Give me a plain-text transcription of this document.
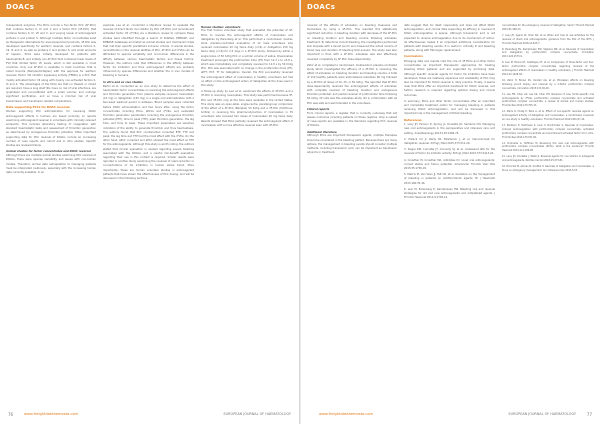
DOACs

X-dependent enzymes. The PCCs include a four-factor PCC (4F-PCC) that contains factors II, IX and X and a factor PCC (4F-PCC) that contains factors II, IX, VII and X, and varying levels of anticoagulant proteins C and protein S. Although multiple factor concentrates exist as therapeutic alternatives for all-purpose blood products, 4F-PCC was developed specifically for warfarin reversal, and contains factors II, VII, IX and X, as well as proteins C and protein S, and small amounts of heparin. PCCs were initially developed for patients with haemophilia B, and initially non-4F-PCC that contained lower levels of FVII that limited factor VII levels, which is still available in most countries. Only one 4F-PCC is available in most countries, that is called Kcentra (Beriplex/Octaplex) with the approval for warfarin reversal. Factor VIII inhibitor bypassing activity (FEIBA) is a PCC that mostly activated factor VII along with mainly non-activated factors II, IX and X. The advantages of the PCCs are that no thawed or mixed are required, have a long shelf life, have no risk of viral infections, are lyophilised and reconstituted with a small volume, and undergo significant purification, and so have a minimal risk of viral transmission and transfusion-related complications.

Data supporting PCCs for DOAC reversal

Studies supporting PCC administration for reversing DOAC anticoagulant effects in humans are based primarily on reports examining anticoagulant reversal in volunteers with clinically relevant endpoints. This includes laboratory testing of coagulation with standard haemostatic tests and assessment of thrombin generation as determined by endogenous thrombin potential. Other important supporting data for PCC reversal of DOACs include an increasing number of case reports and cohort and in vitro studies. Specific studies are reviewed below.

Animal studies for factor concentrates and DOAC reversal

Although there are multiple animal studies examining PCC reversal of DOACs, there were species variability and issues with non-human models. Therefore, animal data extrapolation to managing patients must be interpreted cautiously, especially with the increasing human data currently available. In an

example, Lee et al. conducted a literature review to evaluate the reversal of direct factor Xa inhibitor by PCC (4F-PCC) and recombinant activated factor VII (rFVIIa) via a literature review to compare these studies were identified through a search of PubMed, EMBASE, and EMBASE databases and listed as animal studies and mechanism trials that met their specific predefined inclusion criteria. In animal studies, reconstitution in the reversal abilities of PCC, 4F-PCC and rFVIIa can be attributed to species variability and non-human differences in the affinity between various haemostatic factors and tissue factors. However, the authors note that differences in the affinity between factor Xa inhibitors and their anticoagulant effects are probably influenced by species differences and whether the in vivo models of bleeding in humans.

In vitro and ex vivo studies

Bertin et al. conducted an ex vivo study to determine the effect of haemostatic factor concentrates on reversing the anticoagulant effects and thrombin generation from plasma samples received rivaroxaban (10 mg) or dabigatran (150 mg) in a single oral administration with a two-week washout period in between. Blood samples were collected before DOAC administration and two hours after, using the factor concentrates including PCCs, aPCCs and rFVIIa, and evaluated thrombin generation parameters including the endogenous thrombin potential (ETP), time to peak (TTP), peak thrombin generation, the lag time, and time to peak. These important parameters are sensitive indicators of the ability to generate thrombin and thus haemostasis. The authors found that PCC counteracted corrected ETP, TTP and peak; the lag time and TTP had the most effect with the rFVIIa. On the other hand, aPCC corrected and aPCC showed the most effect on ETP for the anticoagulants. Although this study is worth noting, the authors stated that clinical evaluation is needed regarding severe bleeding associated with the DOACs, and a careful risk-benefit evaluation regarding their use in this context is required. Similar results were reported in another study examining the reversal of rapid reduction in concentrations of Xa inhibitors in human whole blood. More importantly, these are human volunteer studies in anticoagulant patients that have shown the effectiveness of PCC dosing, and will be discussed in the following sections.

Human studies: volunteers

The first human volunteer study that evaluated the potential of 4F-PCCs to reverse the anticoagulant effects of rivaroxaban and dabigatran by Eerenberg et al. This performed a randomised, double-blind, placebo-controlled evaluation of 12 male volunteers who received rivaroxaban 20 mg twice daily (n=6) or dabigatran 150 mg twice daily (n=6) for 2.5 days in a 4F-PCC study, followed by either a single bolus of 50 IU/kg PCC or a similar volume of saline. Rivaroxaban treatment prolonged the prothrombin time (PT) from 12.3 s to 15.8 s, which was immediately and completely reversed to 12.8 s by 50 IU/kg PCC. PCC was associated with no change in the prothrombin time (PT), aPTT, ECT, TT for dabigatran. Overall, the PCC successfully reversed the anticoagulant effect of rivaroxaban in healthy volunteers but had no effect on the anticoagulant action of dabigatran at the dose used in this study.

A follow-up study by Levi et al. examined the effects of 4F-PCC and a 3F-PCC in reversing rivaroxaban. This study was performed because 3F-PCC and 4F-PCC only at the time were available in the United States. This study was an open-label, single-centre, parallel-group comparison of the effect of a 4F-PCC (Beriplex) 50 IU/kg and a 3F-PCC (Profilnine, Grifols) in reversing the pharmacodynamics of rivaroxaban in 35 volunteers who received two doses of rivaroxaban 20 mg twice daily. Results showed that PCCs partially reversed the anticoagulant effect of rivaroxaban with a more effective reversal seen with 4F-PCC.

76	www.freightdatahemosta.com	EUROPEAN JOURNAL OF HAEMATOLOGY
DOACs

reversal of the effects of edoxaban on bleeding measures and biomarkers by using a 4F-PCC. This reported this statistically significant reduction in bleeding duration with decrease of the 4F-PCC on bleeding duration and bleeding volume following edoxaban treatment. To determine clinical bleeding, the investigators performed skin biopsies with a lancet punch and measured the actual volume of blood loss and duration of bleeding that ensued. The study was also important in that, with a 4F-PCC, edoxaban was also effectively reversed completely by 4F-PCC dose-dependently.

Zahir et al. completed a randomised, double-blind, placebo-controlled study which investigated the efficacy of a 4F-PCC in reversing the effect of edoxaban on bleeding duration and bleeding volume. A total of 110 healthy patients were administered edoxaban 60 mg followed by a 4F-PCC at doses of 10, 25, or 50 IU/kg. The reported that 4F-PCC dose-dependently reversed the anticoagulant effects of edoxaban with complete reversal of bleeding duration and endogenous thrombin potential, and partial reversal of prothrombin time following 50 IU/kg. Of note was this edoxaban-study did in combination with all PCC was safe and well tolerated in the volunteers.

Clinical reports

From clinical reports, a register that is currently underway that will assess outcomes including patients on these regimes. Only a subset of case reports are available in the literature regarding PCC reversal of DOACs.

Additional literature

Although PCCs are important therapeutic agents, multiple therapies should be considered in the bleeding patient. Because there are many options, the management in bleeding events should consider multiple methods, including tranexamic acid, can be important as transfusion adjuncts in treatment.

data suggest that, for itself, responsibly and does not affect DOAC anticoagulation, and clinical data supporting its efficacy in reversal of DOAC anticoagulation is sparse. Although tranexamic acid is not expected to reverse anticoagulation due to its mechanism of action, its effectiveness makes it an important additional consideration for patients with bleeding events. It is useful in critically ill and bleeding patients, along with fibrinogen replacement.

Conclusions

Emerging data and reports note the role of 4F-PCCs and other factor concentrates as important therapeutic approaches for treating bleeding DOAC patients and are supported by promising data. Although specific reversal agents for factor Xa inhibitors have been developed, these are relatively expensive and availability of PCC may also be important for DOAC reversal in daily practice. Finally, it seems clear that PCCs offer an important treatment for DOAC reversal, and further research is required regarding optimal dosing and clinical outcomes.

In summary, PCCs and other factor concentrates offer an important and immediate treatment option for managing bleeding in patients receiving DOAC anticoagulation, and will be discussed in this important role in the management of DOAC bleeding.

References

1. Levy JH, Faraoni D, Spring JL, Douketis JD, Samama CM. Managing new oral anticoagulants in the perioperative and intensive care unit setting. Anesthesiology 2013;118:1466-74.

2. Pollack CV Jr, Reilly PA, Eikelboom J, et al. Idarucizumab for dabigatran reversal. N Engl J Med 2015;373:511-20.

3. Siegal DM, Curnutte JT, Connolly SJ, et al. Andexanet alfa for the reversal of factor Xa inhibitor activity. N Engl J Med 2015;373:2413-24.

4. Crowther M, Crowther MA. Antidotes for novel oral anticoagulants: current status and future potential. Arterioscler Thromb Vasc Biol 2015;35:1736-45.

5. Makris M, Van Veen JJ, Tait CR, et al. Guideline on the management of bleeding in patients on antithrombotic agents. Br J Haematol 2013;160:35-46.

6. Levi M, Eerenberg E, Kamphuisen PW. Bleeding risk and reversal strategies for old and new anticoagulants and antiplatelet agents. J Thromb Haemost 2011;9:1705-12.

concentrates for the emergency reversal of dabigatran. Semin Thromb Hemost 2015;41:208-13.

7. Levy JH, Ageno W, Chan NC, et al. When and how to use antidotes for the reversal of direct oral anticoagulants: guidance from the SSC of the ISTH. J Thromb Haemost 2016;14:623-7.

8. Eerenberg ES, Kamphuisen PW, Sijpkens MK, et al. Reversal of rivaroxaban and dabigatran by prothrombin complex concentrate. Circulation 2011;124:1573-9.

9. Levi M, Moore KT, Castillejos CF, et al. Comparison of three-factor and four-factor prothrombin complex concentrates regarding reversal of the anticoagulant effects of rivaroxaban in healthy volunteers. J Thromb Haemost 2014;12:1428-36.

10. Zahir H, Brown KS, Vandell AG, et al. Edoxaban effects on bleeding following punch biopsy and reversal by a 4-factor prothrombin complex concentrate. Circulation 2015;131:82-90.

11. Lee FM, Chan AK, Lau KK, Chan HH. Reversal of new, factor-specific oral anticoagulants by rFVIIa, prothrombin complex concentrate and activated prothrombin complex concentrate: a review of animal and human studies. Thromb Res 2014;133:705-13.

12. Marlu R, Hodaj E, Paris A, et al. Effect of non-specific reversal agents on anticoagulant activity of dabigatran and rivaroxaban: a randomised crossover ex vivo study in healthy volunteers. Thromb Haemost 2012;108:217-24.

13. Perzborn E, Heitmeier S, Laux V, Buchmuller A. Reversal of rivaroxaban-induced anticoagulation with prothrombin complex concentrate, activated prothrombin complex concentrate and recombinant activated factor VII in vitro. Thromb Res 2014;133:671-81.

14. Dickneite G, Hoffman M. Reversing the new oral anticoagulants with prothrombin complex concentrates (PCCs): what is the evidence? Thromb Haemost 2014;111:189-98.

15. Levy JH, Douketis J, Weitz JI. Reversal agents for non-vitamin K antagonist oral anticoagulants. Nat Rev Cardiol 2018;15:273-81.

16. Honickel M, Akman N, Grottke O. Reversal of dabigatran and rivaroxaban: a focus on emergency management. Ann Intensive Care 2015;5:23.

www.freightdatahemosta.com	EUROPEAN JOURNAL OF HAEMATOLOGY	77
